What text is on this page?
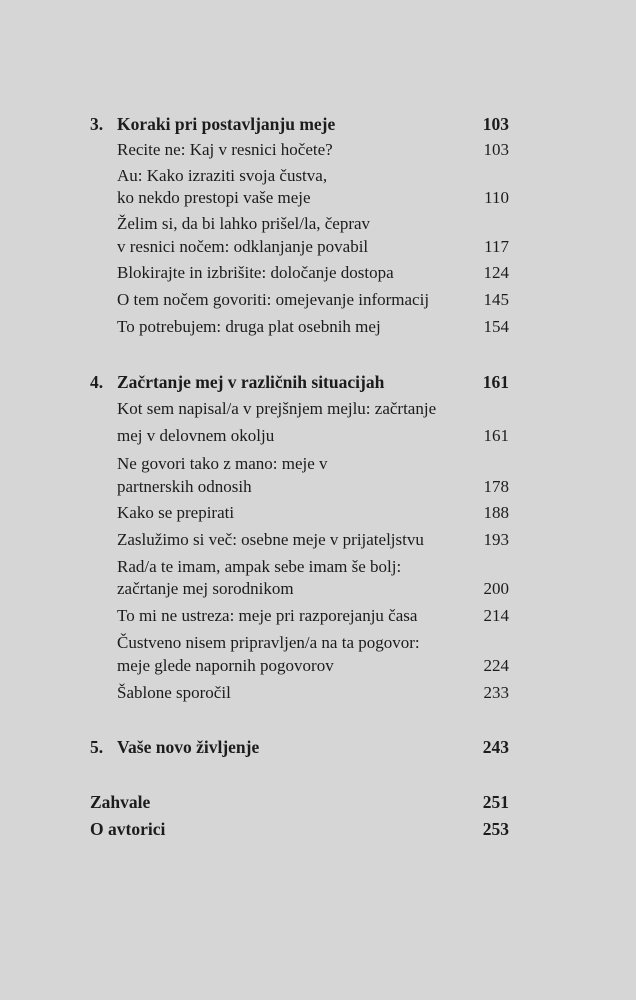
3. Koraki pri postavljanju meje	103
Recite ne: Kaj v resnici hočete?	103
Au: Kako izraziti svoja čustva,
ko nekdo prestopi vaše meje	110
Želim si, da bi lahko prišel/la, čeprav
v resnici nočem: odklanjanje povabil	117
Blokirajte in izbrišite: določanje dostopa	124
O tem nočem govoriti: omejevanje informacij	145
To potrebujem: druga plat osebnih mej	154
4. Začrtanje mej v različnih situacijah	161
Kot sem napisal/a v prejšnjem mejlu: začrtanje
mej v delovnem okolju	161
Ne govori tako z mano: meje v
partnerskih odnosih	178
Kako se prepirati	188
Zaslužimo si več: osebne meje v prijateljstvu	193
Rad/a te imam, ampak sebe imam še bolj:
začrtanje mej sorodnikom	200
To mi ne ustreza: meje pri razporejanju časa	214
Čustveno nisem pripravljen/a na ta pogovor:
meje glede napornih pogovorov	224
Šablone sporočil	233
5. Vaše novo življenje	243
Zahvale	251
O avtorici	253
